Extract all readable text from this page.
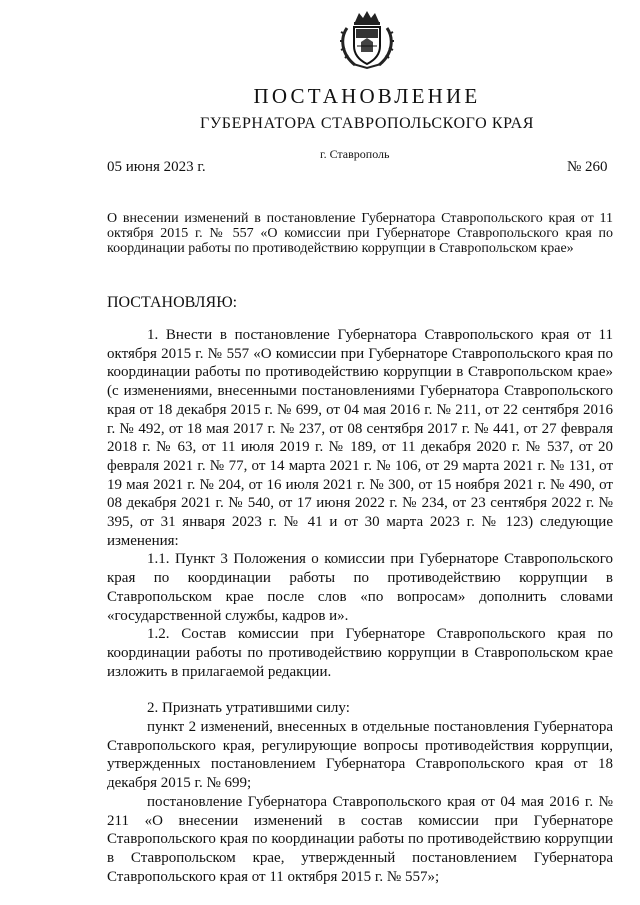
ПОСТАНОВЛЕНИЕ
ГУБЕРНАТОРА СТАВРОПОЛЬСКОГО КРАЯ
05 июня 2023 г.
г. Ставрополь
№ 260
О внесении изменений в постановление Губернатора Ставропольского края от 11 октября 2015 г. № 557 «О комиссии при Губернаторе Ставропольского края по координации работы по противодействию коррупции в Ставропольском крае»
ПОСТАНОВЛЯЮ:

1. Внести в постановление Губернатора Ставропольского края от 11 октября 2015 г. № 557 «О комиссии при Губернаторе Ставропольского края по координации работы по противодействию коррупции в Ставропольском крае» (с изменениями, внесенными постановлениями Губернатора Ставропольского края от 18 декабря 2015 г. № 699, от 04 мая 2016 г. № 211, от 22 сентября 2016 г. № 492, от 18 мая 2017 г. № 237, от 08 сентября 2017 г. № 441, от 27 февраля 2018 г. № 63, от 11 июля 2019 г. № 189, от 11 декабря 2020 г. № 537, от 20 февраля 2021 г. № 77, от 14 марта 2021 г. № 106, от 29 марта 2021 г. № 131, от 19 мая 2021 г. № 204, от 16 июля 2021 г. № 300, от 15 ноября 2021 г. № 490, от 08 декабря 2021 г. № 540, от 17 июня 2022 г. № 234, от 23 сентября 2022 г. № 395, от 31 января 2023 г. № 41 и от 30 марта 2023 г. № 123) следующие изменения:

1.1. Пункт 3 Положения о комиссии при Губернаторе Ставропольского края по координации работы по противодействию коррупции в Ставропольском крае после слов «по вопросам» дополнить словами «государственной службы, кадров и».

1.2. Состав комиссии при Губернаторе Ставропольского края по координации работы по противодействию коррупции в Ставропольском крае изложить в прилагаемой редакции.

2. Признать утратившими силу:

пункт 2 изменений, внесенных в отдельные постановления Губернатора Ставропольского края, регулирующие вопросы противодействия коррупции, утвержденных постановлением Губернатора Ставропольского края от 18 декабря 2015 г. № 699;

постановление Губернатора Ставропольского края от 04 мая 2016 г. № 211 «О внесении изменений в состав комиссии при Губернаторе Ставропольского края по координации работы по противодействию коррупции в Ставропольском крае, утвержденный постановлением Губернатора Ставропольского края от 11 октября 2015 г. № 557»;
